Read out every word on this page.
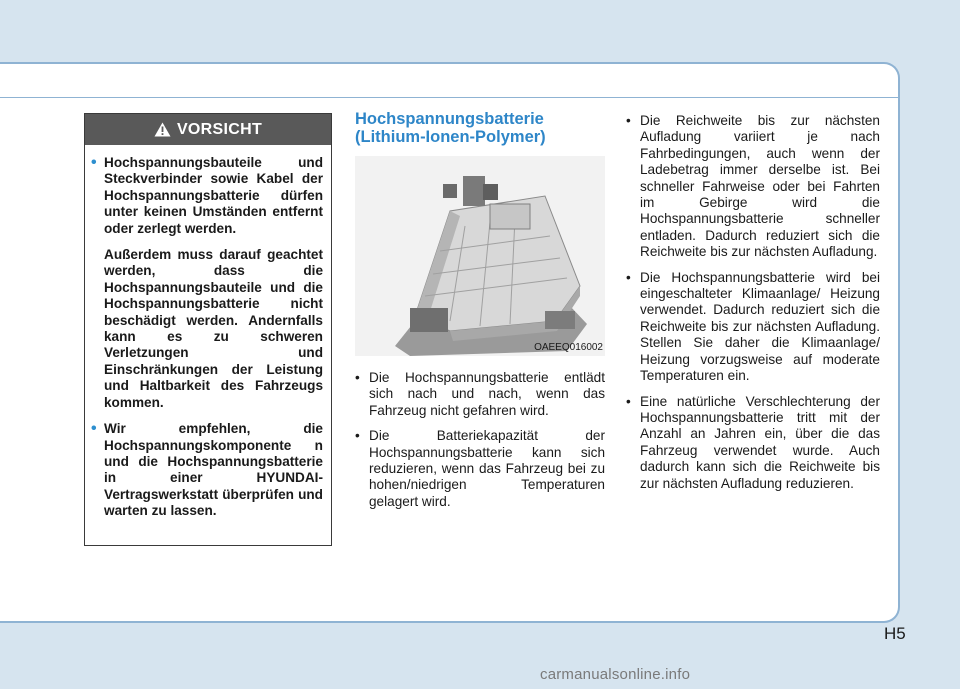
VORSICHT
• Hochspannungsbauteile und Steckverbinder sowie Kabel der Hochspannungsbatterie dürfen unter keinen Umständen entfernt oder zerlegt werden.
Außerdem muss darauf geachtet werden, dass die Hochspannungsbauteile und die Hochspannungsbatterie nicht beschädigt werden. Andernfalls kann es zu schweren Verletzungen und Einschränkungen der Leistung und Haltbarkeit des Fahrzeugs kommen.
• Wir empfehlen, die Hochspannungskomponente n und die Hochspannungsbatterie in einer HYUNDAI-Vertragswerkstatt überprüfen und warten zu lassen.
Hochspannungsbatterie
(Lithium-Ionen-Polymer)
OAEEQ016002
• Die Hochspannungsbatterie entlädt sich nach und nach, wenn das Fahrzeug nicht gefahren wird.
• Die Batteriekapazität der Hochspannungsbatterie kann sich reduzieren, wenn das Fahrzeug bei zu hohen/niedrigen Temperaturen gelagert wird.
• Die Reichweite bis zur nächsten Aufladung variiert je nach Fahrbedingungen, auch wenn der Ladebetrag immer derselbe ist. Bei schneller Fahrweise oder bei Fahrten im Gebirge wird die Hochspannungsbatterie schneller entladen. Dadurch reduziert sich die Reichweite bis zur nächsten Aufladung.
• Die Hochspannungsbatterie wird bei eingeschalteter Klimaanlage/ Heizung verwendet. Dadurch reduziert sich die Reichweite bis zur nächsten Aufladung. Stellen Sie daher die Klimaanlage/ Heizung vorzugsweise auf moderate Temperaturen ein.
• Eine natürliche Verschlechterung der Hochspannungsbatterie tritt mit der Anzahl an Jahren ein, über die das Fahrzeug verwendet wurde. Auch dadurch kann sich die Reichweite bis zur nächsten Aufladung reduzieren.
H5
carmanualsonline.info
